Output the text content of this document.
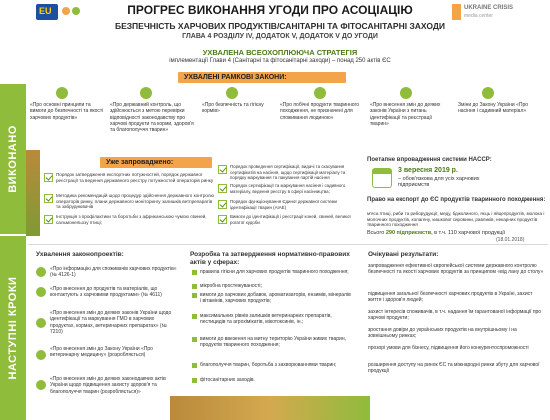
ВИКОНАНО
НАСТУПНІ КРОКИ
EU	UKRAINE CRISIS
media center
ПРОГРЕС ВИКОНАННЯ УГОДИ ПРО АСОЦІАЦІЮ
БЕЗПЕЧНІСТЬ ХАРЧОВИХ ПРОДУКТІВ/САНІТАРНІ ТА ФІТОСАНІТАРНІ ЗАХОДИ
ГЛАВА 4 РОЗДІЛУ IV, ДОДАТОК V, ДОДАТОК V ДО УГОДИ
УХВАЛЕНА ВСЕОХОПЛЮЮЧА СТРАТЕГІЯ
імплементації Глави 4 (Санітарні та фітосанітарні заходи) – понад 250 актів ЄС
УХВАЛЕНІ РАМКОВІ ЗАКОНИ:
«Про основні принципи та вимоги до безпечності та якості харчових продуктів»
«Про державний контроль, що здійснюється з метою перевірки відповідності законодавству про харчові продукти та корми, здоров'я та благополуччя тварин»
«Про безпечність та гігієну кормів»
«Про побічні продукти тваринного походження, не призначені для споживання людиною»
«Про внесення змін до деяких законів України з питань ідентифікації та реєстрації тварин»
Зміни до Закону України «Про насіння і садивний матеріал»
Уже запроваджено:
Порядок затвердження експортних потужностей, порядок державної реєстрації та ведення державного реєстру потужностей операторів ринку
Методика рекомендацій щодо процедур здійснення державного контролю операторів ринку, плани державного моніторингу залишків ветпрепаратів та забруднювачів
Інструкція з профілактики та боротьби з африканською чумою свиней, сальмонельозу птиці;
Порядок проведення сертифікації, видачі та скасування сертифікатів на насіння, щодо сертифікації матеріалу та порядку маркування та пакування партій насіння
Порядок сертифікації та маркування насіння і садивного матеріалу, ведення реєстру в сфері насінництва;
Порядок функціонування Єдиної державної системи ідентифікації тварин (АІАЕ)
Вимоги до ідентифікації і реєстрації коней, свиней, великої рогатої худоби
Поетапне впровадження системи HACCP:
3 вересня 2019 р.
– обов'язкова для усіх харчових підприємств
Право на експорт до ЄС продуктів тваринного походження:
м'яса птиці, риби та риборудукції, меду, бджолиного, яєць і яйцепродуктів, молока і молочних продуктів, колагену, кишкової сировини, равликів, некарних продуктів тваринного походження
Всього 290 підприємств, в т.ч. 110 харчової продукції
(18.01.2018)
Ухвалення законопроектів:
«Про інформацію для споживачів харчових продуктів» (№ 4126-1)
«Про внесення до продуктів та матеріалів, що контактують з харчовими продуктами» (№ 4611)
«Про внесення змін до деяких законів України щодо ідентифікації та маркування ГМО в харчових продуктах, кормах, ветеринарних препаратах» (№ 7210)
«Про внесення змін до Закону України «Про ветеринарну медицину» (розробляється)
«Про внесення змін до деяких законодавчих актів України щодо підвищення захисту здоров'я та благополуччя тварин (розробляється)»
Розробка та затвердження нормативно-правових актів у сферах:
правила гігієни для харчових продуктів тваринного походження;
мікробна простежуваності;
вимоги до харчових добавок, ароматизаторів, ензимів, мінералів і вітамінів, харчових продуктів;
максимальних рівнів залишків ветеринарних препаратів, пестицидів та агрохімікатів, мікотоксинів, ін.;
вимоги до ввезення на митну територію України живих тварин, продуктів тваринного походження;
благополуччя тварин, боротьба з захворюваннями тварин;
фітосанітарних заходів.
Очікувані результати:
запровадження ефективної європейської системи державного контролю безпечності та якості харчових продуктів за принципом «від лану до столу»
підвищення загальної безпечності харчових продуктів в Україні, захист життя і здоров'я людей;
захист інтересів споживачів, в т.ч. надання їм гарантованої інформації про харчові продукти;
зростання довіри до українських продуктів на внутрішньому і на зовнішньому ринках;
прозорі умови для бізнесу, підвищення його конкурентоспроможності
розширення доступу на ринок ЄС та міжнародні ринки збуту для харчової продукції
